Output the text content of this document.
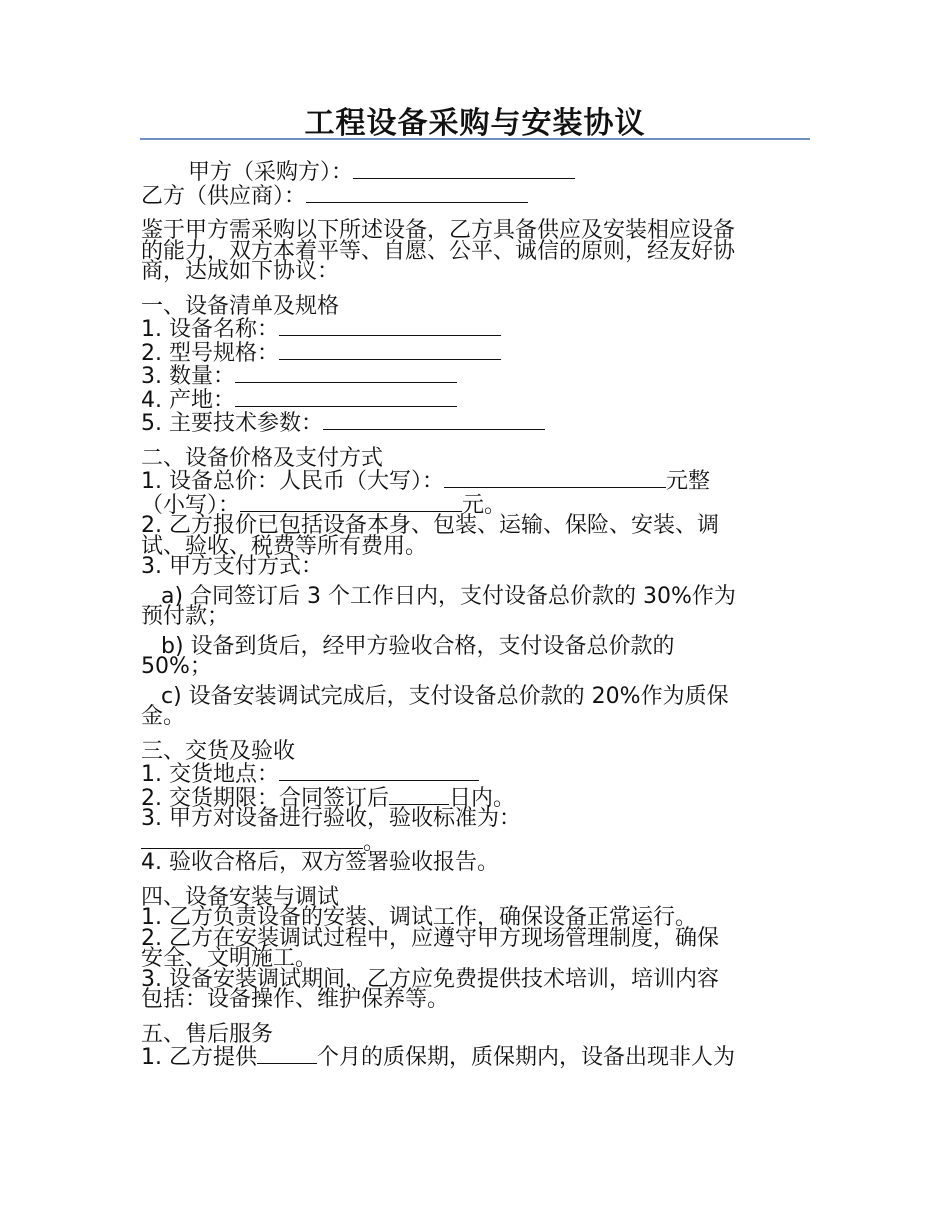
工程设备采购与安装协议
甲方（采购方）：
乙方（供应商）：
鉴于甲方需采购以下所述设备，乙方具备供应及安装相应设备
的能力，双方本着平等、自愿、公平、诚信的原则，经友好协
商，达成如下协议：
一、设备清单及规格
1. 设备名称：
2. 型号规格：
3. 数量：
4. 产地：
5. 主要技术参数：
二、设备价格及支付方式
1. 设备总价：人民币（大写）：	元整
（小写）：	元。
2. 乙方报价已包括设备本身、包装、运输、保险、安装、调
试、验收、税费等所有费用。
3. 甲方支付方式：
a) 合同签订后 3 个工作日内，支付设备总价款的 30%作为
预付款；
b) 设备到货后，经甲方验收合格，支付设备总价款的
50%；
c) 设备安装调试完成后，支付设备总价款的 20%作为质保
金。
三、交货及验收
1. 交货地点：
2. 交货期限：合同签订后	日内。
3. 甲方对设备进行验收，验收标准为：
。
4. 验收合格后，双方签署验收报告。
四、设备安装与调试
1. 乙方负责设备的安装、调试工作，确保设备正常运行。
2. 乙方在安装调试过程中，应遵守甲方现场管理制度，确保
安全、文明施工。
3. 设备安装调试期间，乙方应免费提供技术培训，培训内容
包括：设备操作、维护保养等。
五、售后服务
1. 乙方提供	个月的质保期，质保期内，设备出现非人为
